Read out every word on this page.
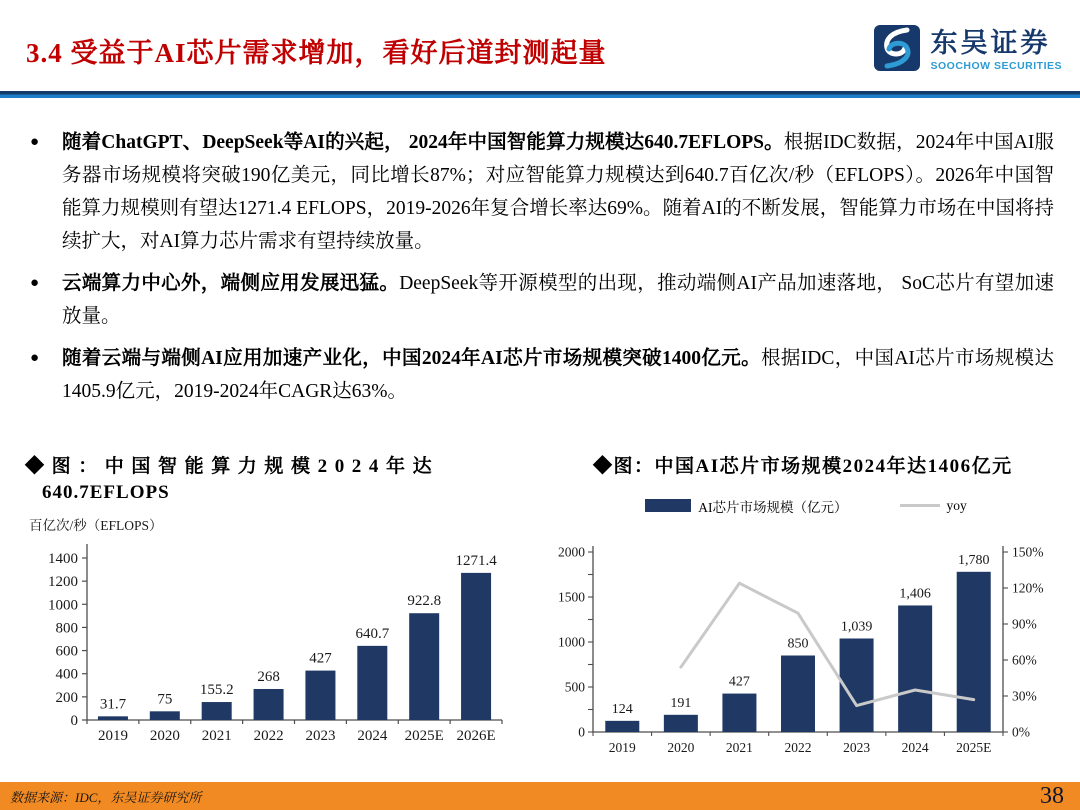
3.4 受益于AI芯片需求增加，看好后道封测起量	东吴证券
SOOCHOW SECURITIES
●	随着ChatGPT、DeepSeek等AI的兴起， 2024年中国智能算力规模达640.7EFLOPS。根据IDC数据，2024年中国AI服务器市场规模将突破190亿美元，同比增长87%；对应智能算力规模达到640.7百亿次/秒（EFLOPS）。2026年中国智能算力规模则有望达1271.4 EFLOPS，2019-2026年复合增长率达69%。随着AI的不断发展，智能算力市场在中国将持续扩大，对AI算力芯片需求有望持续放量。
●	云端算力中心外，端侧应用发展迅猛。DeepSeek等开源模型的出现，推动端侧AI产品加速落地， SoC芯片有望加速放量。
●	随着云端与端侧AI应用加速产业化，中国2024年AI芯片市场规模突破1400亿元。根据IDC，中国AI芯片市场规模达1405.9亿元，2019-2024年CAGR达63%。
◆图：中国智能算力规模2024年达
640.7EFLOPS
百亿次/秒（EFLOPS）
0
200
400
600
800
1000
1200
1400
31.7
2019
75
2020
155.2
2021
268
2022
427
2023
640.7
2024
922.8
2025E
1271.4
2026E
◆图：中国AI芯片市场规模2024年达1406亿元
AI芯片市场规模（亿元）	yoy
0
500
1000
1500
2000
0%
30%
60%
90%
120%
150%
124
2019
191
2020
427
2021
850
2022
1,039
2023
1,406
2024
1,780
2025E
数据来源：IDC，东吴证券研究所	38
